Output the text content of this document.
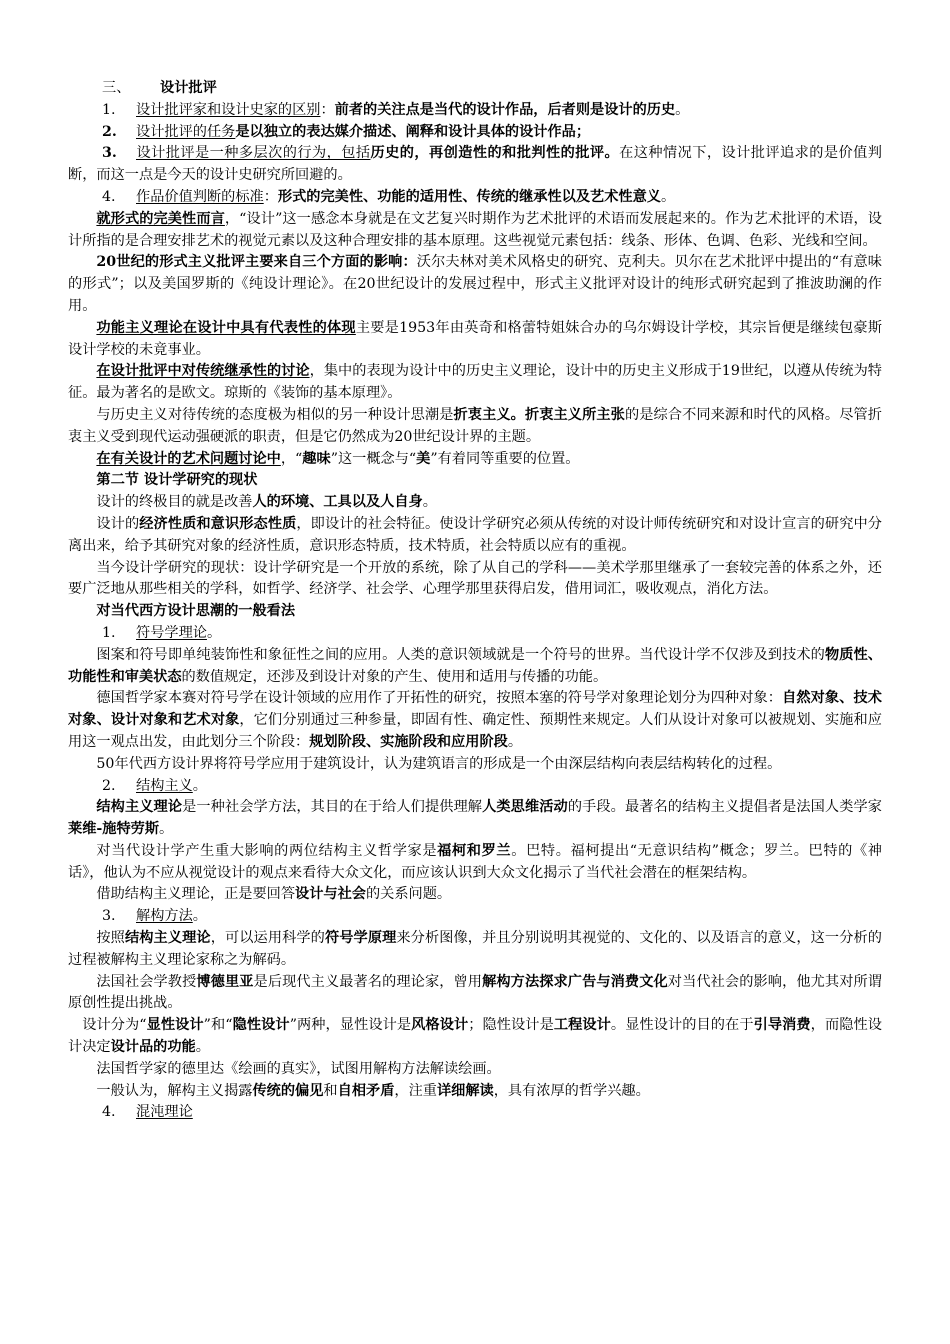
三、 设计批评

1. 设计批评家和设计史家的区别：前者的关注点是当代的设计作品，后者则是设计的历史。

2. 设计批评的任务是以独立的表达媒介描述、阐释和设计具体的设计作品；

3. 设计批评是一种多层次的行为，包括历史的，再创造性的和批判性的批评。在这种情况下，设计批评追求的是价值判断，而这一点是今天的设计史研究所回避的。

4. 作品价值判断的标准：形式的完美性、功能的适用性、传统的继承性以及艺术性意义。

就形式的完美性而言，“设计”这一感念本身就是在文艺复兴时期作为艺术批评的术语而发展起来的。作为艺术批评的术语，设计所指的是合理安排艺术的视觉元素以及这种合理安排的基本原理。这些视觉元素包括：线条、形体、色调、色彩、光线和空间。

20世纪的形式主义批评主要来自三个方面的影响：沃尔夫林对美术风格史的研究、克利夫。贝尔在艺术批评中提出的“有意味的形式”；以及美国罗斯的《纯设计理论》。在20世纪设计的发展过程中，形式主义批评对设计的纯形式研究起到了推波助澜的作用。

功能主义理论在设计中具有代表性的体现主要是1953年由英奇和格蕾特姐妹合办的乌尔姆设计学校，其宗旨便是继续包豪斯设计学校的未竟事业。

在设计批评中对传统继承性的讨论，集中的表现为设计中的历史主义理论，设计中的历史主义形成于19世纪，以遵从传统为特征。最为著名的是欧文。琼斯的《装饰的基本原理》。

与历史主义对待传统的态度极为相似的另一种设计思潮是折衷主义。折衷主义所主张的是综合不同来源和时代的风格。尽管折衷主义受到现代运动强硬派的职责，但是它仍然成为20世纪设计界的主题。

在有关设计的艺术问题讨论中，“趣味”这一概念与“美”有着同等重要的位置。

第二节 设计学研究的现状

设计的终极目的就是改善人的环境、工具以及人自身。

设计的经济性质和意识形态性质，即设计的社会特征。使设计学研究必须从传统的对设计师传统研究和对设计宣言的研究中分离出来，给予其研究对象的经济性质，意识形态特质，技术特质，社会特质以应有的重视。

当今设计学研究的现状：设计学研究是一个开放的系统，除了从自己的学科——美术学那里继承了一套较完善的体系之外，还要广泛地从那些相关的学科，如哲学、经济学、社会学、心理学那里获得启发，借用词汇，吸收观点，消化方法。

对当代西方设计思潮的一般看法

1. 符号学理论。

图案和符号即单纯装饰性和象征性之间的应用。人类的意识领域就是一个符号的世界。当代设计学不仅涉及到技术的物质性、功能性和审美状态的数值规定，还涉及到设计对象的产生、使用和适用与传播的功能。

德国哲学家本赛对符号学在设计领域的应用作了开拓性的研究，按照本塞的符号学对象理论划分为四种对象：自然对象、技术对象、设计对象和艺术对象，它们分别通过三种参量，即固有性、确定性、预期性来规定。人们从设计对象可以被规划、实施和应用这一观点出发，由此划分三个阶段：规划阶段、实施阶段和应用阶段。

50年代西方设计界将符号学应用于建筑设计，认为建筑语言的形成是一个由深层结构向表层结构转化的过程。

2. 结构主义。

结构主义理论是一种社会学方法，其目的在于给人们提供理解人类思维活动的手段。最著名的结构主义提倡者是法国人类学家莱维-施特劳斯。

对当代设计学产生重大影响的两位结构主义哲学家是福柯和罗兰。巴特。福柯提出“无意识结构”概念；罗兰。巴特的《神话》，他认为不应从视觉设计的观点来看待大众文化，而应该认识到大众文化揭示了当代社会潜在的框架结构。

借助结构主义理论，正是要回答设计与社会的关系问题。

3. 解构方法。

按照结构主义理论，可以运用科学的符号学原理来分析图像，并且分别说明其视觉的、文化的、以及语言的意义，这一分析的过程被解构主义理论家称之为解码。

法国社会学教授博德里亚是后现代主义最著名的理论家，曾用解构方法探求广告与消费文化对当代社会的影响，他尤其对所谓原创性提出挑战。

设计分为“显性设计”和“隐性设计”两种，显性设计是风格设计；隐性设计是工程设计。显性设计的目的在于引导消费，而隐性设计决定设计品的功能。

法国哲学家的德里达《绘画的真实》，试图用解构方法解读绘画。

一般认为，解构主义揭露传统的偏见和自相矛盾，注重详细解读，具有浓厚的哲学兴趣。

4. 混沌理论
